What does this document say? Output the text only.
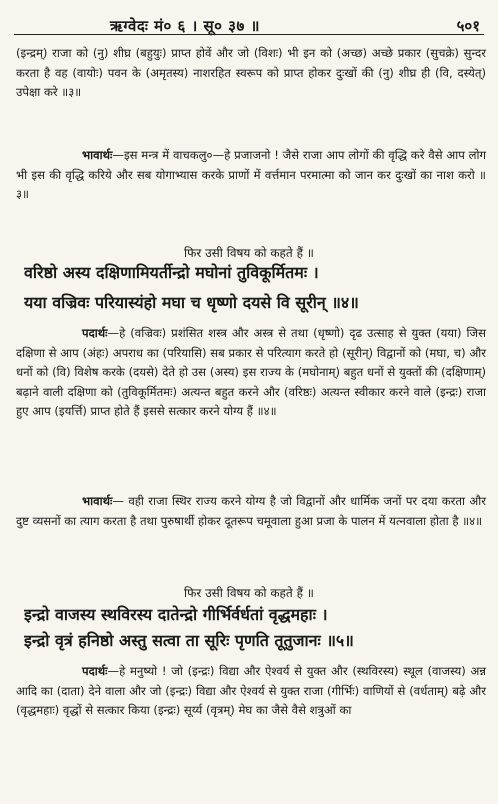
ऋग्वेदः मं० ६ । सू० ३७ ॥	५०१

(इन्द्रम्) राजा को (नु) शीघ्र (बहुयुः) प्राप्त होवें और जो (विशः) भी इन को (अच्छ) अच्छे प्रकार (सुचक्रे) सुन्दर करता है वह (वायोः) पवन के (अमृतस्य) नाशरहित स्वरूप को प्राप्त होकर दुःखों की (नु) शीघ्र ही (वि, दस्येत्) उपेक्षा करे ॥३॥

भावार्थः—इस मन्त्र में वाचकलु०—हे प्रजाजनो ! जैसे राजा आप लोगों की वृद्धि करे वैसे आप लोग भी इस की वृद्धि करिये और सब योगाभ्यास करके प्राणों में वर्त्तमान परमात्मा को जान कर दुःखों का नाश करो ॥३॥

फिर उसी विषय को कहते हैं ॥
वरिष्ठो अस्य दक्षिणामियर्तीन्द्रो मघोनां तुविकूर्मितमः ।
यया वज्रिवः परियास्यंहो मघा च धृष्णो दयसे वि सूरीन् ॥४॥

पदार्थः—हे (वज्रिवः) प्रशंसित शस्त्र और अस्त्र से तथा (धृष्णो) दृढ उत्साह से युक्त (यया) जिस दक्षिणा से आप (अंहः) अपराध का (परियासि) सब प्रकार से परित्याग करते हो (सूरीन्) विद्वानों को (मघा, च) और धनों को (वि) विशेष करके (दयसे) देते हो उस (अस्य) इस राज्य के (मघोनाम्) बहुत धनों से युक्तों की (दक्षिणाम्) बढ़ाने वाली दक्षिणा को (तुविकूर्मितमः) अत्यन्त बहुत करने और (वरिष्ठः) अत्यन्त स्वीकार करने वाले (इन्द्रः) राजा हुए आप (इयर्त्ति) प्राप्त होते हैं इससे सत्कार करने योग्य हैं ॥४॥

भावार्थः— वही राजा स्थिर राज्य करने योग्य है जो विद्वानों और धार्मिक जनों पर दया करता और दुष्ट व्यसनों का त्याग करता है तथा पुरुषार्थी होकर दूतरूप चमूवाला हुआ प्रजा के पालन में यत्नवाला होता है ॥४॥

फिर उसी विषय को कहते हैं ॥
इन्द्रो वाजस्य स्थविरस्य दातेन्द्रो गीर्भिर्वर्धतां वृद्धमहाः ।
इन्द्रो वृत्रं हनिष्ठो अस्तु सत्वा ता सूरिः पृणति तूतुजानः ॥५॥

पदार्थः—हे मनुष्यो ! जो (इन्द्रः) विद्या और ऐश्वर्य से युक्त और (स्थविरस्य) स्थूल (वाजस्य) अन्न आदि का (दाता) देने वाला और जो (इन्द्रः) विद्या और ऐश्वर्य से युक्त राजा (गीर्भिः) वाणियों से (वर्धताम्) बढ़े और (वृद्धमहाः) वृद्धों से सत्कार किया (इन्द्रः) सूर्य्य (वृत्रम्) मेघ का जैसे वैसे शत्रुओं का
